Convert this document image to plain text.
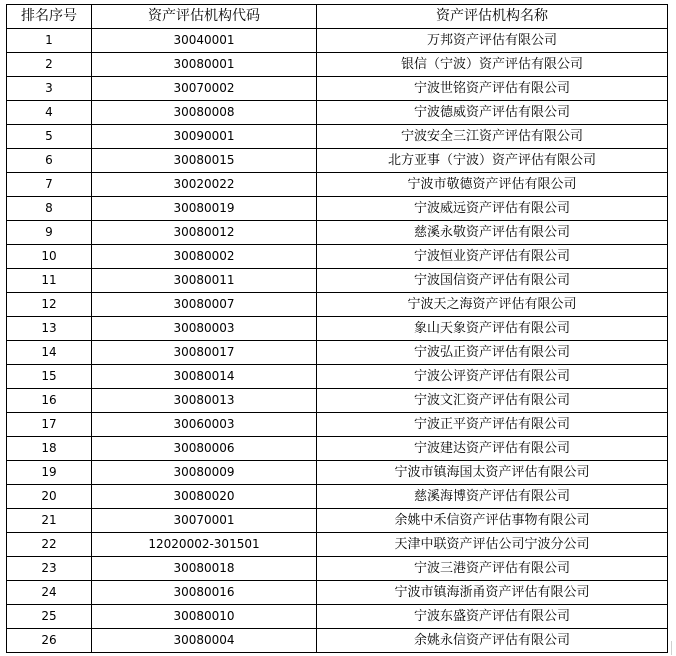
排名序号	资产评估机构代码	资产评估机构名称
1	30040001	万邦资产评估有限公司
2	30080001	银信（宁波）资产评估有限公司
3	30070002	宁波世铭资产评估有限公司
4	30080008	宁波德威资产评估有限公司
5	30090001	宁波安全三江资产评估有限公司
6	30080015	北方亚事（宁波）资产评估有限公司
7	30020022	宁波市敬德资产评估有限公司
8	30080019	宁波威远资产评估有限公司
9	30080012	慈溪永敬资产评估有限公司
10	30080002	宁波恒业资产评估有限公司
11	30080011	宁波国信资产评估有限公司
12	30080007	宁波天之海资产评估有限公司
13	30080003	象山天象资产评估有限公司
14	30080017	宁波弘正资产评估有限公司
15	30080014	宁波公评资产评估有限公司
16	30080013	宁波文汇资产评估有限公司
17	30060003	宁波正平资产评估有限公司
18	30080006	宁波建达资产评估有限公司
19	30080009	宁波市镇海国太资产评估有限公司
20	30080020	慈溪海博资产评估有限公司
21	30070001	余姚中禾信资产评估事物有限公司
22	12020002-301501	天津中联资产评估公司宁波分公司
23	30080018	宁波三港资产评估有限公司
24	30080016	宁波市镇海浙甬资产评估有限公司
25	30080010	宁波东盛资产评估有限公司
26	30080004	余姚永信资产评估有限公司
